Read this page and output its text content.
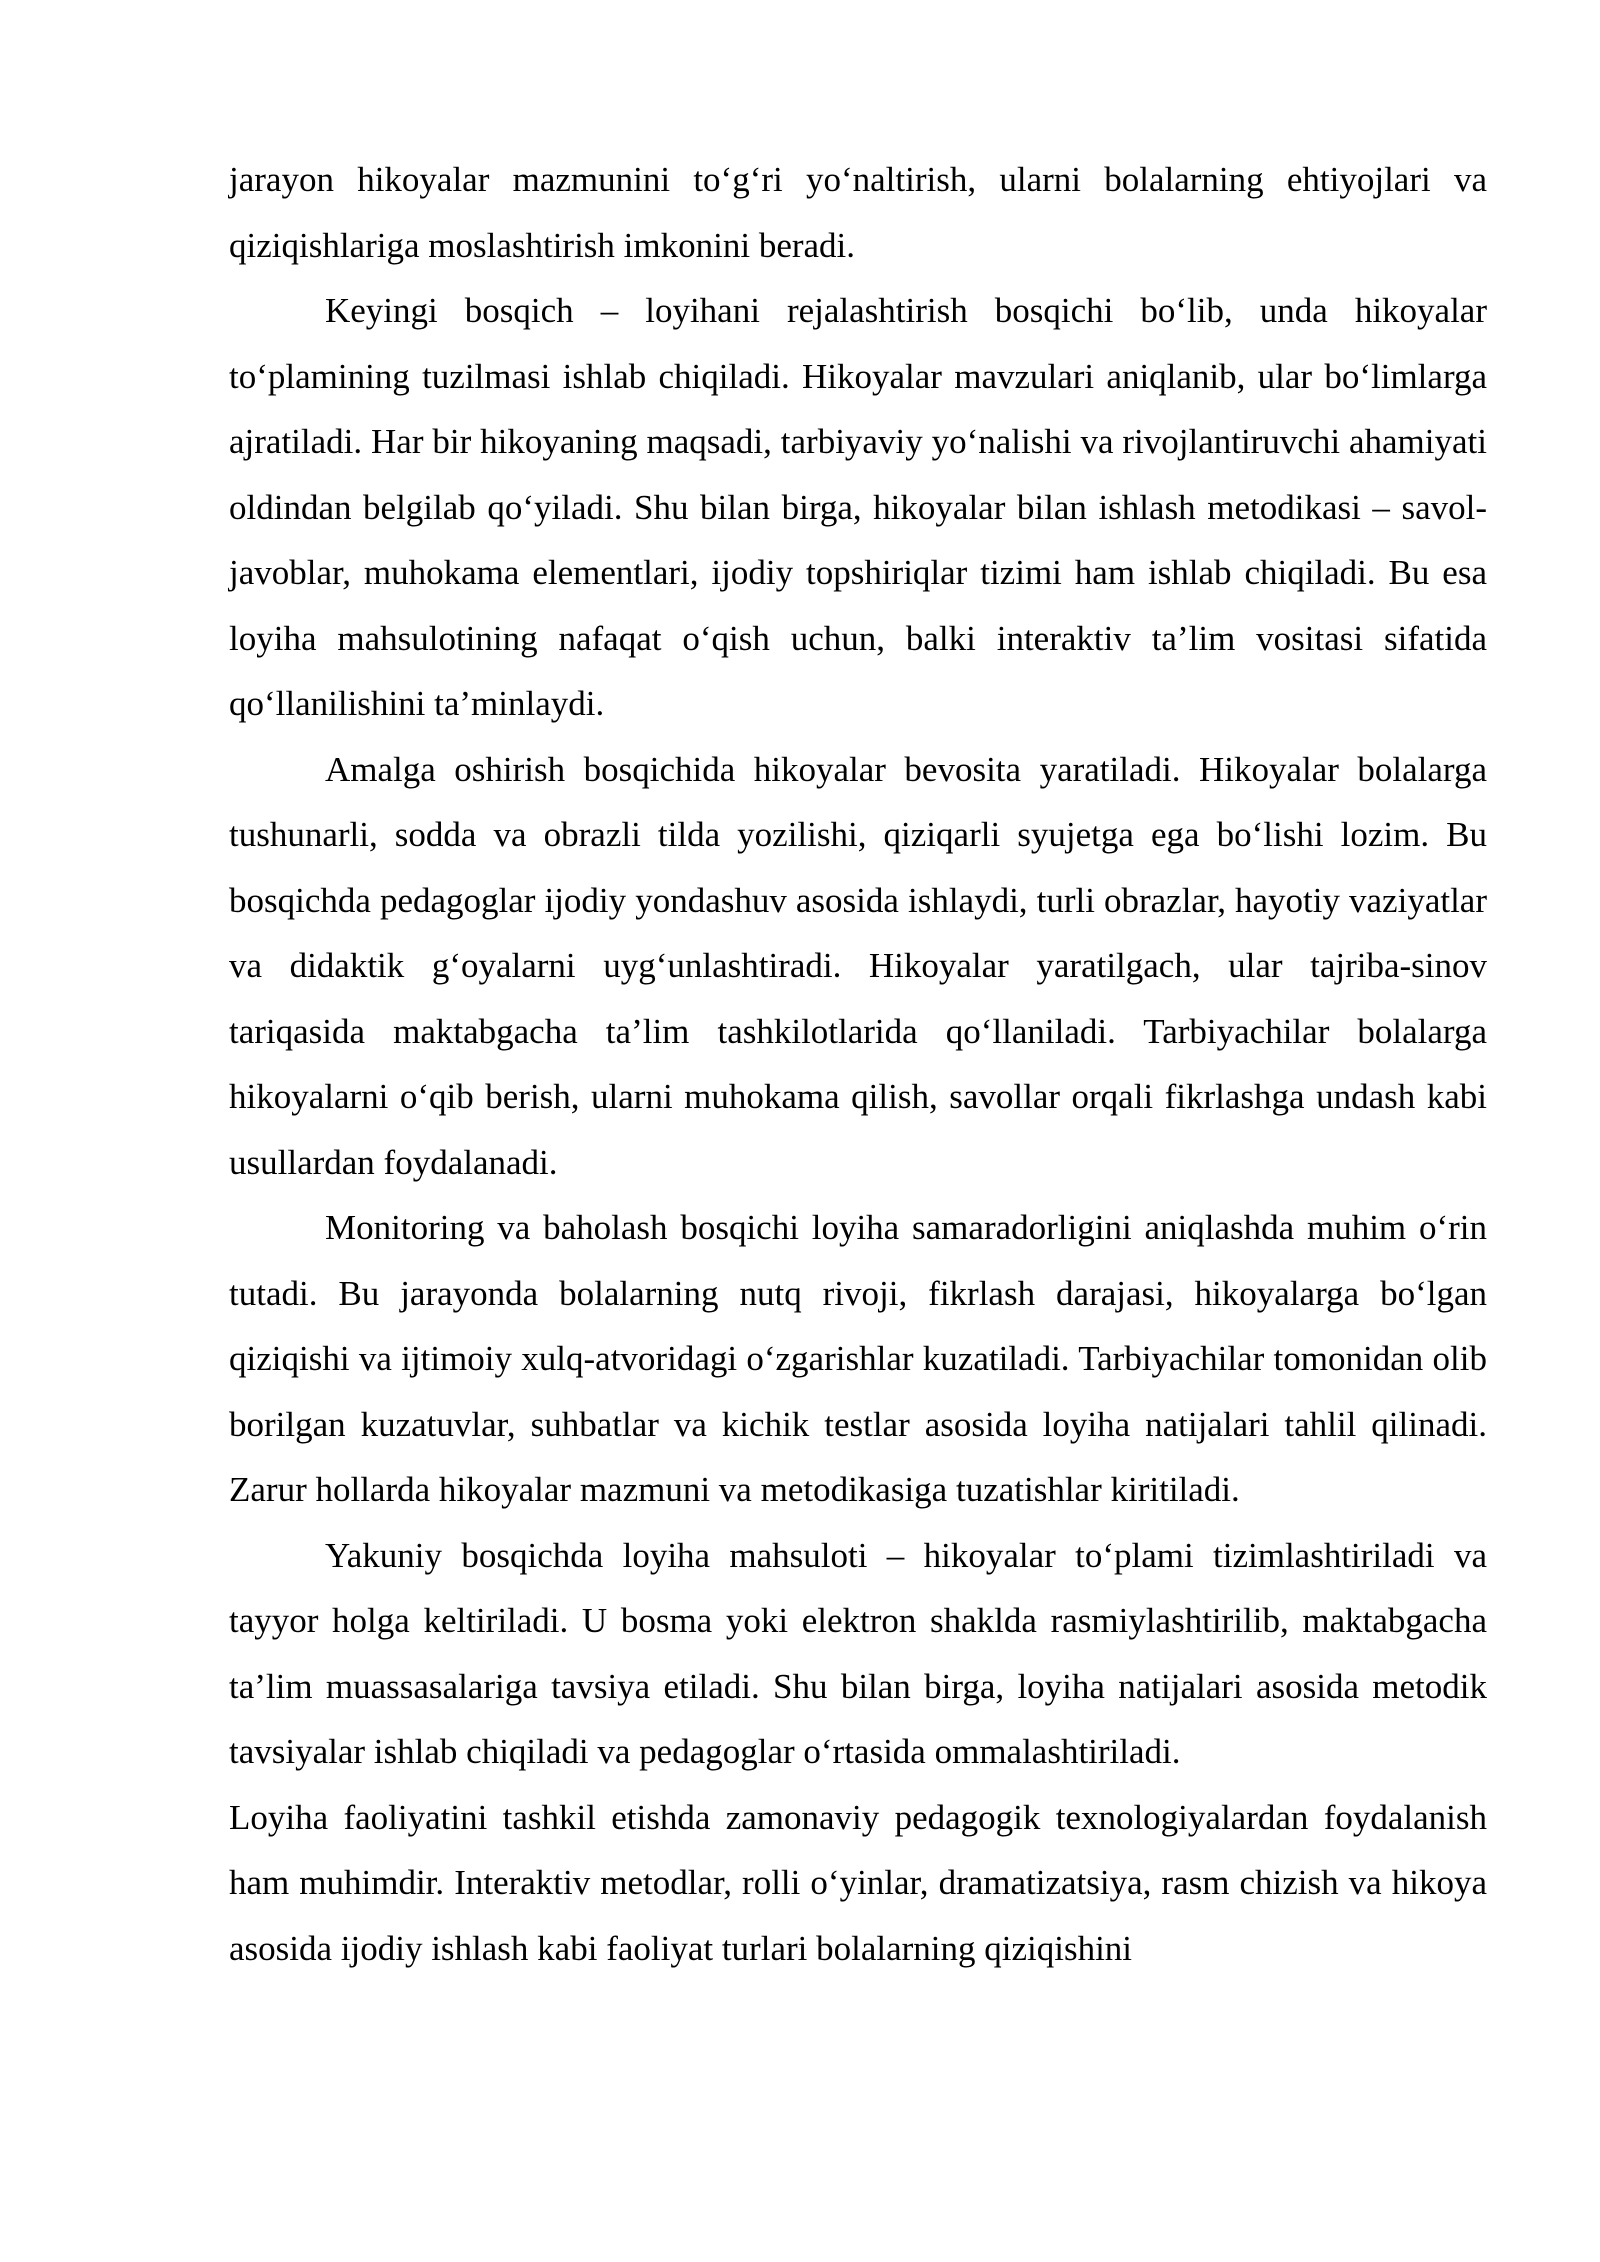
jarayon hikoyalar mazmunini to‘g‘ri yo‘naltirish, ularni bolalarning ehtiyojlari va qiziqishlariga moslashtirish imkonini beradi.

Keyingi bosqich – loyihani rejalashtirish bosqichi bo‘lib, unda hikoyalar to‘plamining tuzilmasi ishlab chiqiladi. Hikoyalar mavzulari aniqlanib, ular bo‘limlarga ajratiladi. Har bir hikoyaning maqsadi, tarbiyaviy yo‘nalishi va rivojlantiruvchi ahamiyati oldindan belgilab qo‘yiladi. Shu bilan birga, hikoyalar bilan ishlash metodikasi – savol-javoblar, muhokama elementlari, ijodiy topshiriqlar tizimi ham ishlab chiqiladi. Bu esa loyiha mahsulotining nafaqat o‘qish uchun, balki interaktiv ta’lim vositasi sifatida qo‘llanilishini ta’minlaydi.

Amalga oshirish bosqichida hikoyalar bevosita yaratiladi. Hikoyalar bolalarga tushunarli, sodda va obrazli tilda yozilishi, qiziqarli syujetga ega bo‘lishi lozim. Bu bosqichda pedagoglar ijodiy yondashuv asosida ishlaydi, turli obrazlar, hayotiy vaziyatlar va didaktik g‘oyalarni uyg‘unlashtiradi. Hikoyalar yaratilgach, ular tajriba-sinov tariqasida maktabgacha ta’lim tashkilotlarida qo‘llaniladi. Tarbiyachilar bolalarga hikoyalarni o‘qib berish, ularni muhokama qilish, savollar orqali fikrlashga undash kabi usullardan foydalanadi.

Monitoring va baholash bosqichi loyiha samaradorligini aniqlashda muhim o‘rin tutadi. Bu jarayonda bolalarning nutq rivoji, fikrlash darajasi, hikoyalarga bo‘lgan qiziqishi va ijtimoiy xulq-atvoridagi o‘zgarishlar kuzatiladi. Tarbiyachilar tomonidan olib borilgan kuzatuvlar, suhbatlar va kichik testlar asosida loyiha natijalari tahlil qilinadi. Zarur hollarda hikoyalar mazmuni va metodikasiga tuzatishlar kiritiladi.

Yakuniy bosqichda loyiha mahsuloti – hikoyalar to‘plami tizimlashtiriladi va tayyor holga keltiriladi. U bosma yoki elektron shaklda rasmiylashtirilib, maktabgacha ta’lim muassasalariga tavsiya etiladi. Shu bilan birga, loyiha natijalari asosida metodik tavsiyalar ishlab chiqiladi va pedagoglar o‘rtasida ommalashtiriladi.

Loyiha faoliyatini tashkil etishda zamonaviy pedagogik texnologiyalardan foydalanish ham muhimdir. Interaktiv metodlar, rolli o‘yinlar, dramatizatsiya, rasm chizish va hikoya asosida ijodiy ishlash kabi faoliyat turlari bolalarning qiziqishini
